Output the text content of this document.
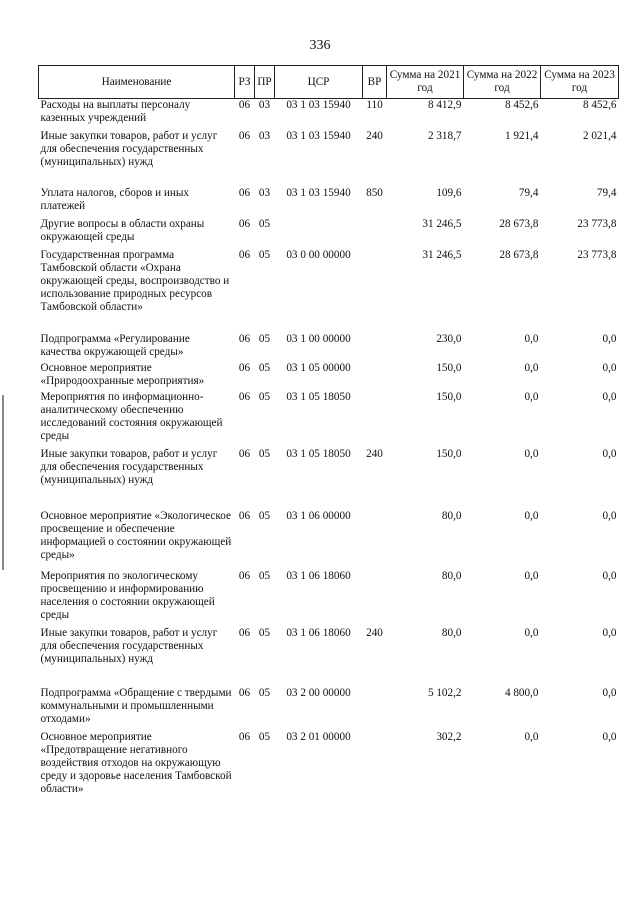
336
Наименование	РЗ	ПР	ЦСР	ВР	Сумма на 2021 год	Сумма на 2022 год	Сумма на 2023 год
Расходы на выплаты персоналу казенных учреждений	06	03	03 1 03 15940	110	8 412,9	8 452,6	8 452,6
Иные закупки товаров, работ и услуг для обеспечения государственных (муниципальных) нужд	06	03	03 1 03 15940	240	2 318,7	1 921,4	2 021,4
Уплата налогов, сборов и иных платежей	06	03	03 1 03 15940	850	109,6	79,4	79,4
Другие вопросы в области охраны окружающей среды	06	05			31 246,5	28 673,8	23 773,8
Государственная программа Тамбовской области «Охрана окружающей среды, воспроизводство и использование природных ресурсов Тамбовской области»	06	05	03 0 00 00000		31 246,5	28 673,8	23 773,8
Подпрограмма «Регулирование качества окружающей среды»	06	05	03 1 00 00000		230,0	0,0	0,0
Основное мероприятие «Природоохранные мероприятия»	06	05	03 1 05 00000		150,0	0,0	0,0
Мероприятия по информационно-аналитическому обеспечению исследований состояния окружающей среды	06	05	03 1 05 18050		150,0	0,0	0,0
Иные закупки товаров, работ и услуг для обеспечения государственных (муниципальных) нужд	06	05	03 1 05 18050	240	150,0	0,0	0,0
Основное мероприятие «Экологическое просвещение и обеспечение информацией о состоянии окружающей среды»	06	05	03 1 06 00000		80,0	0,0	0,0
Мероприятия по экологическому просвещению и информированию населения о состоянии окружающей среды	06	05	03 1 06 18060		80,0	0,0	0,0
Иные закупки товаров, работ и услуг для обеспечения государственных (муниципальных) нужд	06	05	03 1 06 18060	240	80,0	0,0	0,0
Подпрограмма «Обращение с твердыми коммунальными и промышленными отходами»	06	05	03 2 00 00000		5 102,2	4 800,0	0,0
Основное мероприятие «Предотвращение негативного воздействия отходов на окружающую среду и здоровье населения Тамбовской области»	06	05	03 2 01 00000		302,2	0,0	0,0
